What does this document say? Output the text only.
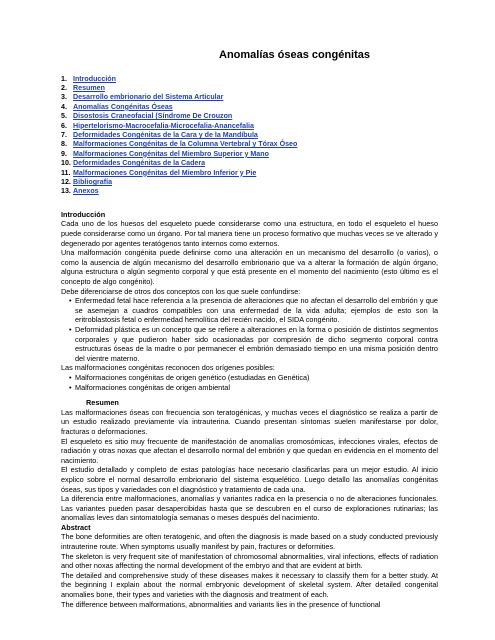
Anomalías óseas congénitas
1. Introducción
2. Resumen
3. Desarrollo embrionario del Sistema Articular
4. Anomalías Congénitas Óseas
5. Disostosis Craneofacial (Síndrome De Crouzon
6. Hipertelorismo-Macrocefalia-Microcefalia-Anancefalia
7. Deformidades Congénitas de la Cara y de la Mandíbula
8. Malformaciones Congénitas de la Columna Vertebral y Tórax Óseo
9. Malformaciones Congénitas del Miembro Superior y Mano
10. Deformidades Congénitas de la Cadera
11. Malformaciones Congénitas del Miembro Inferior y Pie
12. Bibliografía
13. Anexos
Introducción

Cada uno de los huesos del esqueleto puede considerarse como una estructura, en todo el esqueleto el hueso puede considerarse como un órgano. Por tal manera tiene un proceso formativo que muchas veces se ve alterado y degenerado por agentes teratógenos tanto internos como externos.

Una malformación congénita puede definirse como una alteración en un mecanismo del desarrollo (o varios), o como la ausencia de algún mecanismo del desarrollo embrionario que va a alterar la formación de algún órgano, alguna estructura o algún segmento corporal y que está presente en el momento del nacimiento (esto último es el concepto de algo congénito).

Debe diferenciarse de otros dos conceptos con los que suele confundirse:

• Enfermedad fetal hace referencia a la presencia de alteraciones que no afectan el desarrollo del embrión y que se asemejan a cuadros compatibles con una enfermedad de la vida adulta; ejemplos de esto son la eritroblastosis fetal o enfermedad hemolítica del recién nacido, el SIDA congénito.
• Deformidad plástica es un concepto que se refiere a alteraciones en la forma o posición de distintos segmentos corporales y que pudieron haber sido ocasionadas por compresión de dicho segmento corporal contra estructuras óseas de la madre o por permanecer el embrión demasiado tiempo en una misma posición dentro del vientre materno.

Las malformaciones congénitas reconocen dos orígenes posibles:

• Malformaciones congénitas de origen genético (estudiadas en Genética)
• Malformaciones congénitas de origen ambiental
Resumen

Las malformaciones óseas con frecuencia son teratogénicas, y muchas veces el diagnóstico se realiza a partir de un estudio realizado previamente vía intrauterina. Cuando presentan síntomas suelen manifestarse por dolor, fracturas o deformaciones.

El esqueleto es sitio muy frecuente de manifestación de anomalías cromosómicas, infecciones virales, efectos de radiación y otras noxas que afectan el desarrollo normal del embrión y que quedan en evidencia en el momento del nacimiento.

El estudio detallado y completo de estas patologías hace necesario clasificarlas para un mejor estudio. Al inicio explico sobre el normal desarrollo embrionario del sistema esquelético. Luego detallo las anomalías congénitas óseas, sus tipos y variedades con el diagnóstico y tratamiento de cada una.

La diferencia entre malformaciones, anomalías y variantes radica en la presencia o no de alteraciones funcionales. Las variantes pueden pasar desapercibidas hasta que se descubren en el curso de exploraciones rutinarias; las anomalías leves dan sintomatología semanas o meses después del nacimiento.

Abstract

The bone deformities are often teratogenic, and often the diagnosis is made based on a study conducted previously intrauterine route. When symptoms usually manifest by pain, fractures or deformities.

The skeleton is very frequent site of manifestation of chromosomal abnormalities, viral infections, effects of radiation and other noxas affecting the normal development of the embryo and that are evident at birth.

The detailed and comprehensive study of these diseases makes it necessary to classify them for a better study. At the beginning I explain about the normal embryonic development of skeletal system. After detailed congenital anomalies bone, their types and varieties with the diagnosis and treatment of each.

The difference between malformations, abnormalities and variants lies in the presence of functional
